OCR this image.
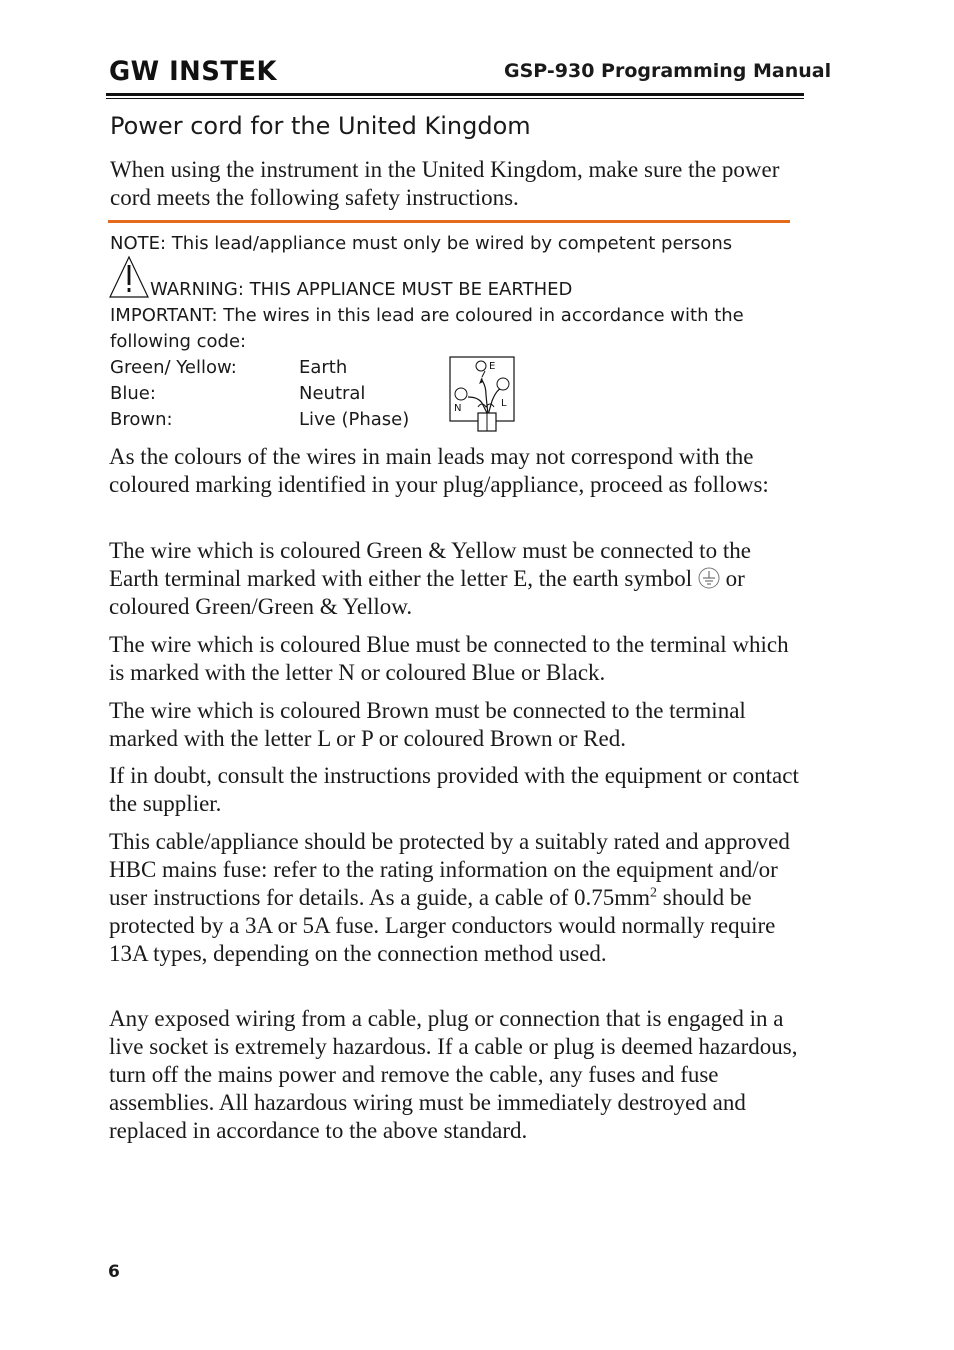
GW INSTEK	GSP-930 Programming Manual
Power cord for the United Kingdom
When using the instrument in the United Kingdom, make sure the power cord meets the following safety instructions.
NOTE: This lead/appliance must only be wired by competent persons
WARNING: THIS APPLIANCE MUST BE EARTHED
IMPORTANT: The wires in this lead are coloured in accordance with the following code:
Green/ Yellow:	Earth
Blue:	Neutral
Brown:	Live (Phase)
E
N	L

As the colours of the wires in main leads may not correspond with the coloured marking identified in your plug/appliance, proceed as follows:

The wire which is coloured Green & Yellow must be connected to the Earth terminal marked with either the letter E, the earth symbol  or coloured Green/Green & Yellow.

The wire which is coloured Blue must be connected to the terminal which is marked with the letter N or coloured Blue or Black.

The wire which is coloured Brown must be connected to the terminal marked with the letter L or P or coloured Brown or Red.

If in doubt, consult the instructions provided with the equipment or contact the supplier.

This cable/appliance should be protected by a suitably rated and approved HBC mains fuse: refer to the rating information on the equipment and/or user instructions for details. As a guide, a cable of $0.75mm^2$ should be protected by a 3A or 5A fuse. Larger conductors would normally require 13A types, depending on the connection method used.

Any exposed wiring from a cable, plug or connection that is engaged in a live socket is extremely hazardous. If a cable or plug is deemed hazardous, turn off the mains power and remove the cable, any fuses and fuse assemblies. All hazardous wiring must be immediately destroyed and replaced in accordance to the above standard.

6
